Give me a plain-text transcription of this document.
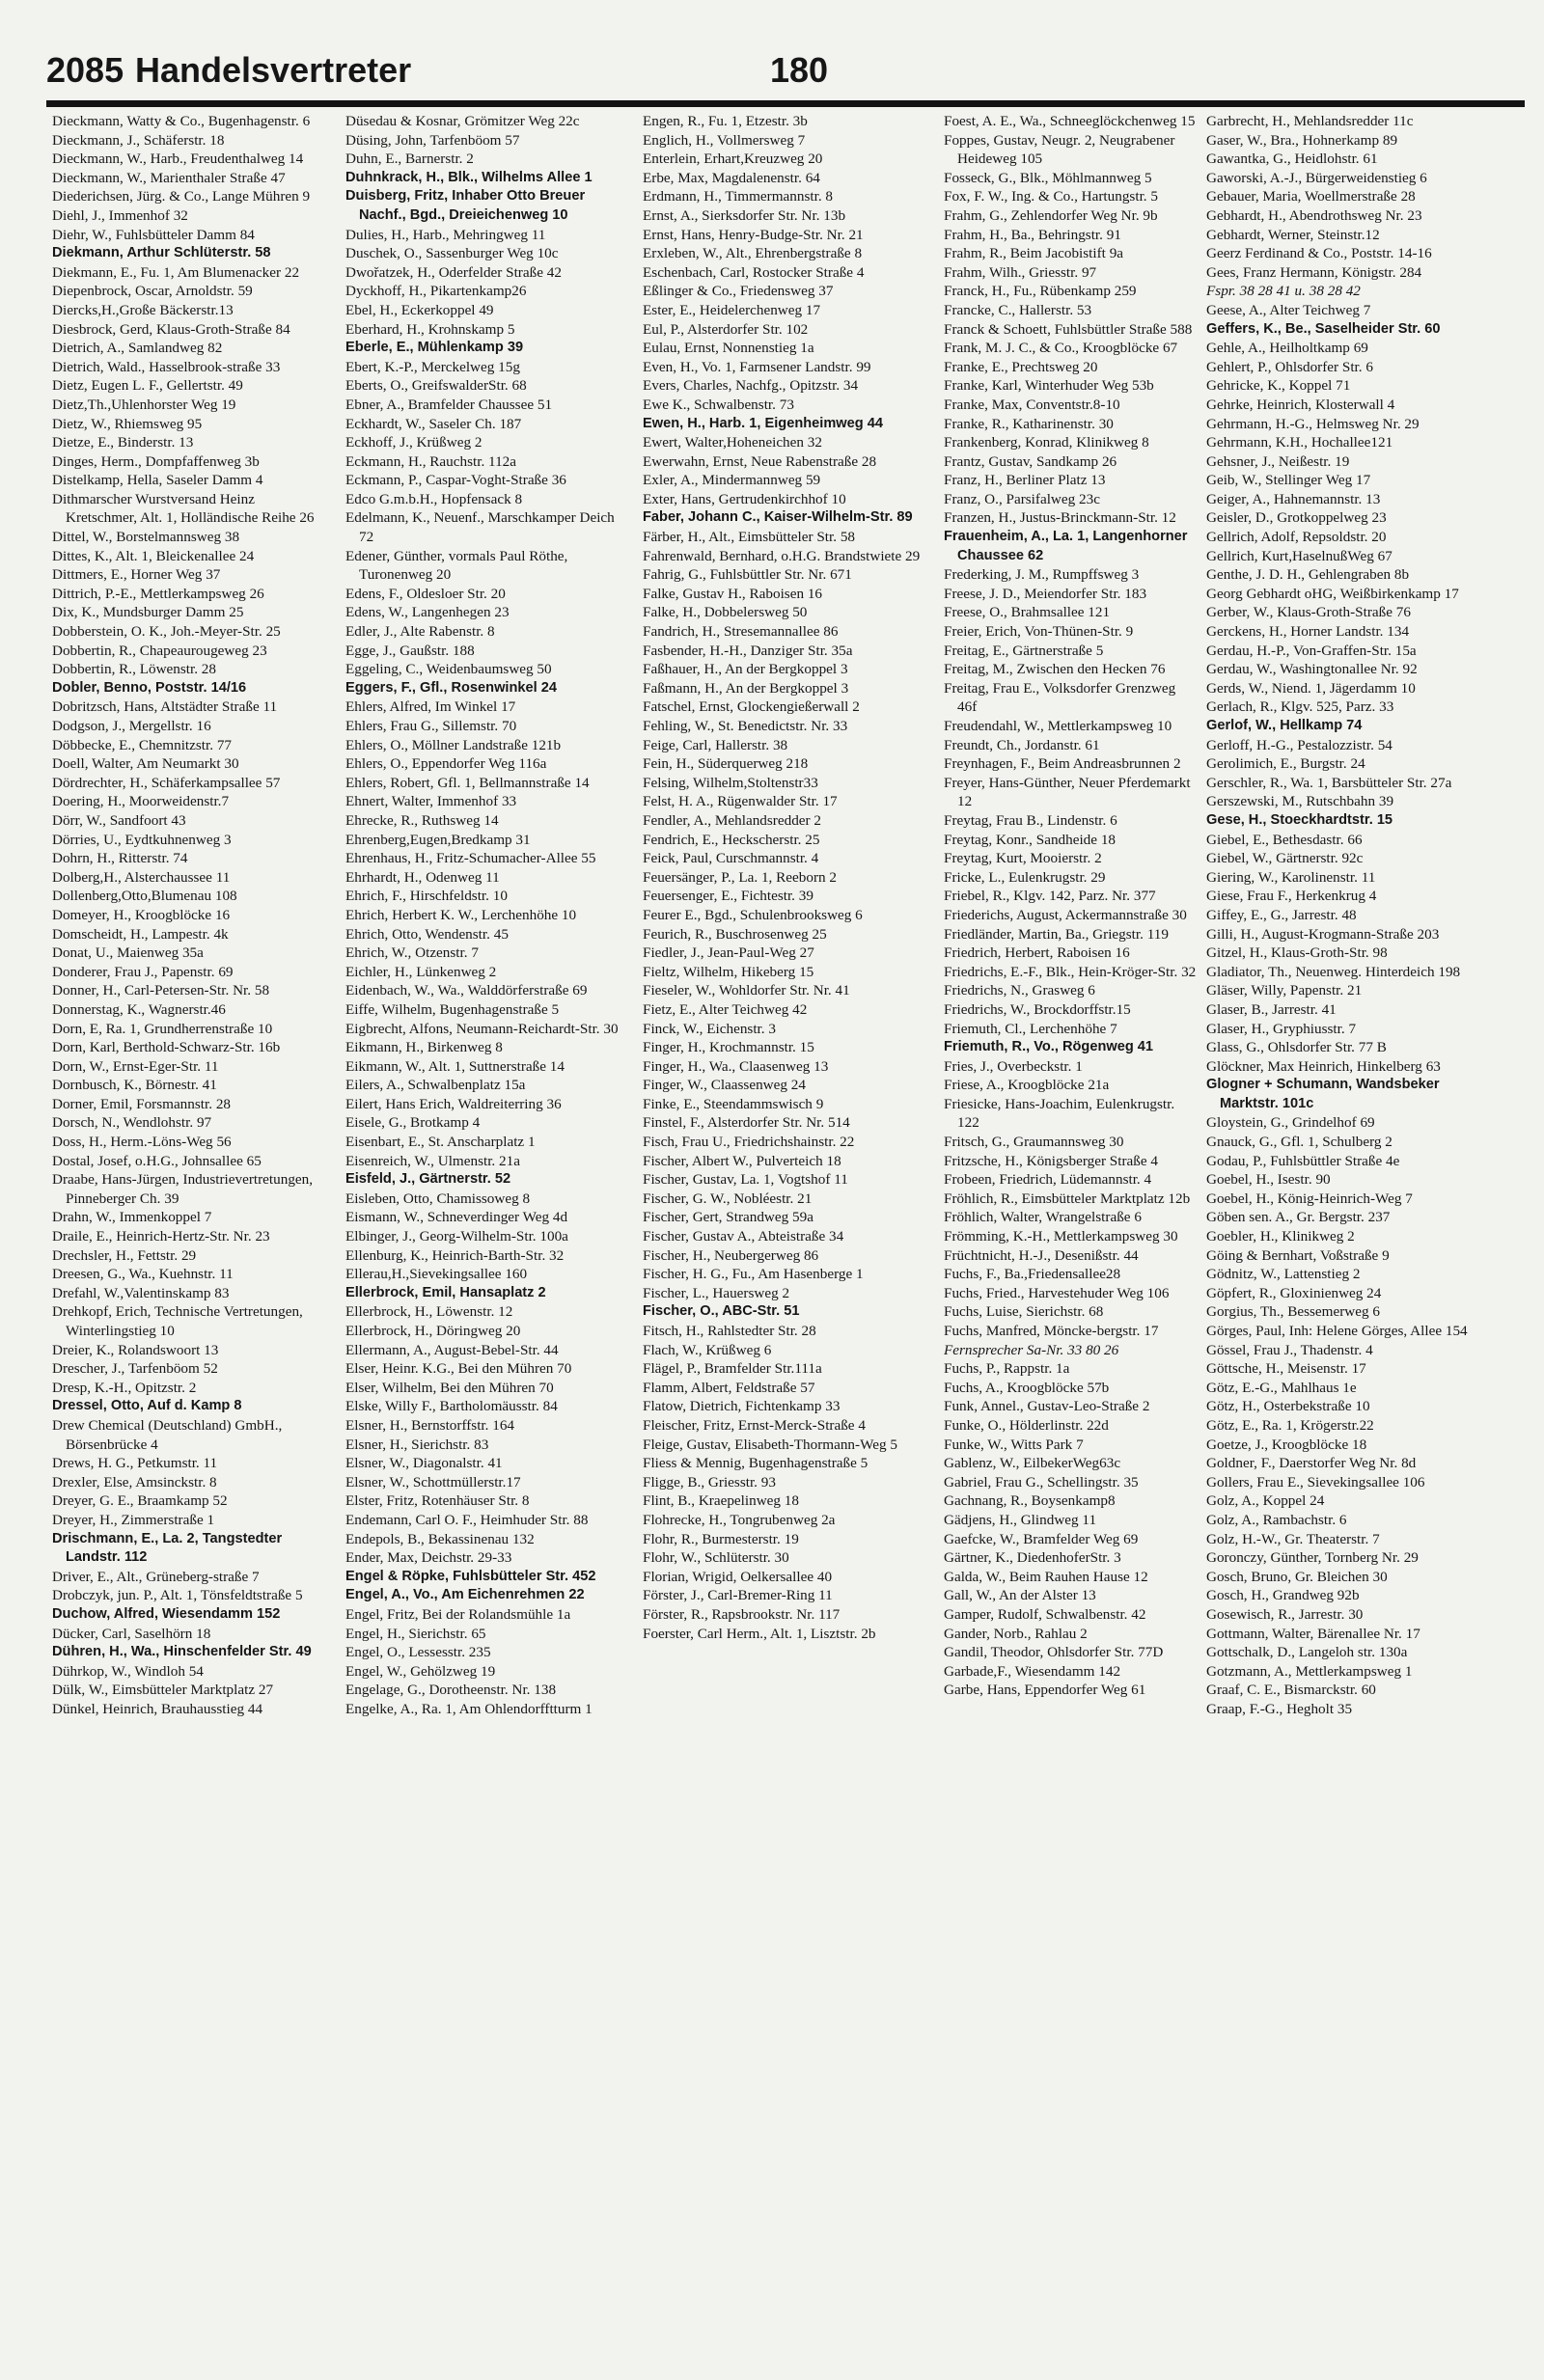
2085 Handelsvertreter	180

Dieckmann, Watty & Co., Bugenhagenstr. 6

Dieckmann, J., Schäferstr. 18

Dieckmann, W., Harb., Freudenthalweg 14

Dieckmann, W., Marienthaler Straße 47

Diederichsen, Jürg. & Co., Lange Mühren 9

Diehl, J., Immenhof 32

Diehr, W., Fuhlsbütteler Damm 84

Diekmann, Arthur Schlüterstr. 58

Diekmann, E., Fu. 1, Am Blumenacker 22

Diepenbrock, Oscar, Arnoldstr. 59

Diercks,H.,Große Bäckerstr.13

Diesbrock, Gerd, Klaus-Groth-Straße 84

Dietrich, A., Samlandweg 82

Dietrich, Wald., Hasselbrook-straße 33

Dietz, Eugen L. F., Gellertstr. 49

Dietz,Th.,Uhlenhorster Weg 19

Dietz, W., Rhiemsweg 95

Dietze, E., Binderstr. 13

Dinges, Herm., Dompfaffenweg 3b

Distelkamp, Hella, Saseler Damm 4

Dithmarscher Wurstversand Heinz Kretschmer, Alt. 1, Holländische Reihe 26

Dittel, W., Borstelmannsweg 38

Dittes, K., Alt. 1, Bleickenallee 24

Dittmers, E., Horner Weg 37

Dittrich, P.-E., Mettlerkampsweg 26

Dix, K., Mundsburger Damm 25

Dobberstein, O. K., Joh.-Meyer-Str. 25

Dobbertin, R., Chapeaurougeweg 23

Dobbertin, R., Löwenstr. 28

Dobler, Benno, Poststr. 14/16

Dobritzsch, Hans, Altstädter Straße 11

Dodgson, J., Mergellstr. 16

Döbbecke, E., Chemnitzstr. 77

Doell, Walter, Am Neumarkt 30

Dördrechter, H., Schäferkampsallee 57

Doering, H., Moorweidenstr.7

Dörr, W., Sandfoort 43

Dörries, U., Eydtkuhnenweg 3

Dohrn, H., Ritterstr. 74

Dolberg,H., Alsterchaussee 11

Dollenberg,Otto,Blumenau 108

Domeyer, H., Kroogblöcke 16

Domscheidt, H., Lampestr. 4k

Donat, U., Maienweg 35a

Donderer, Frau J., Papenstr. 69

Donner, H., Carl-Petersen-Str. Nr. 58

Donnerstag, K., Wagnerstr.46

Dorn, E, Ra. 1, Grundherrenstraße 10

Dorn, Karl, Berthold-Schwarz-Str. 16b

Dorn, W., Ernst-Eger-Str. 11

Dornbusch, K., Börnestr. 41

Dorner, Emil, Forsmannstr. 28

Dorsch, N., Wendlohstr. 97

Doss, H., Herm.-Löns-Weg 56

Dostal, Josef, o.H.G., Johnsallee 65

Draabe, Hans-Jürgen, Industrievertretungen, Pinneberger Ch. 39

Drahn, W., Immenkoppel 7

Draile, E., Heinrich-Hertz-Str. Nr. 23

Drechsler, H., Fettstr. 29

Dreesen, G., Wa., Kuehnstr. 11

Drefahl, W.,Valentinskamp 83

Drehkopf, Erich, Technische Vertretungen, Winterlingstieg 10

Dreier, K., Rolandswoort 13

Drescher, J., Tarfenböom 52

Dresp, K.-H., Opitzstr. 2

Dressel, Otto, Auf d. Kamp 8

Drew Chemical (Deutschland) GmbH., Börsenbrücke 4

Drews, H. G., Petkumstr. 11

Drexler, Else, Amsinckstr. 8

Dreyer, G. E., Braamkamp 52

Dreyer, H., Zimmerstraße 1

Drischmann, E., La. 2, Tangstedter Landstr. 112

Driver, E., Alt., Grüneberg-straße 7

Drobczyk, jun. P., Alt. 1, Tönsfeldtstraße 5

Duchow, Alfred, Wiesendamm 152

Dücker, Carl, Saselhörn 18

Dühren, H., Wa., Hinschenfelder Str. 49

Dührkop, W., Windloh 54

Dülk, W., Eimsbütteler Marktplatz 27

Dünkel, Heinrich, Brauhausstieg 44

Düsedau & Kosnar, Grömitzer Weg 22c

Düsing, John, Tarfenböom 57

Duhn, E., Barnerstr. 2

Duhnkrack, H., Blk., Wilhelms Allee 1

Duisberg, Fritz, Inhaber Otto Breuer Nachf., Bgd., Dreieichenweg 10

Dulies, H., Harb., Mehringweg 11

Duschek, O., Sassenburger Weg 10c

Dwořatzek, H., Oderfelder Straße 42

Dyckhoff, H., Pikartenkamp26

Ebel, H., Eckerkoppel 49

Eberhard, H., Krohnskamp 5

Eberle, E., Mühlenkamp 39

Ebert, K.-P., Merckelweg 15g

Eberts, O., GreifswalderStr. 68

Ebner, A., Bramfelder Chaussee 51

Eckhardt, W., Saseler Ch. 187

Eckhoff, J., Krüßweg 2

Eckmann, H., Rauchstr. 112a

Eckmann, P., Caspar-Voght-Straße 36

Edco G.m.b.H., Hopfensack 8

Edelmann, K., Neuenf., Marschkamper Deich 72

Edener, Günther, vormals Paul Röthe, Turonenweg 20

Edens, F., Oldesloer Str. 20

Edens, W., Langenhegen 23

Edler, J., Alte Rabenstr. 8

Egge, J., Gaußstr. 188

Eggeling, C., Weidenbaumsweg 50

Eggers, F., Gfl., Rosenwinkel 24

Ehlers, Alfred, Im Winkel 17

Ehlers, Frau G., Sillemstr. 70

Ehlers, O., Möllner Landstraße 121b

Ehlers, O., Eppendorfer Weg 116a

Ehlers, Robert, Gfl. 1, Bellmannstraße 14

Ehnert, Walter, Immenhof 33

Ehrecke, R., Ruthsweg 14

Ehrenberg,Eugen,Bredkamp 31

Ehrenhaus, H., Fritz-Schumacher-Allee 55

Ehrhardt, H., Odenweg 11

Ehrich, F., Hirschfeldstr. 10

Ehrich, Herbert K. W., Lerchenhöhe 10

Ehrich, Otto, Wendenstr. 45

Ehrich, W., Otzenstr. 7

Eichler, H., Lünkenweg 2

Eidenbach, W., Wa., Walddörferstraße 69

Eiffe, Wilhelm, Bugenhagenstraße 5

Eigbrecht, Alfons, Neumann-Reichardt-Str. 30

Eikmann, H., Birkenweg 8

Eikmann, W., Alt. 1, Suttnerstraße 14

Eilers, A., Schwalbenplatz 15a

Eilert, Hans Erich, Waldreiterring 36

Eisele, G., Brotkamp 4

Eisenbart, E., St. Anscharplatz 1

Eisenreich, W., Ulmenstr. 21a

Eisfeld, J., Gärtnerstr. 52

Eisleben, Otto, Chamissoweg 8

Eismann, W., Schneverdinger Weg 4d

Elbinger, J., Georg-Wilhelm-Str. 100a

Ellenburg, K., Heinrich-Barth-Str. 32

Ellerau,H.,Sievekingsallee 160

Ellerbrock, Emil, Hansaplatz 2

Ellerbrock, H., Löwenstr. 12

Ellerbrock, H., Döringweg 20

Ellermann, A., August-Bebel-Str. 44

Elser, Heinr. K.G., Bei den Mühren 70

Elser, Wilhelm, Bei den Mühren 70

Elske, Willy F., Bartholomäusstr. 84

Elsner, H., Bernstorffstr. 164

Elsner, H., Sierichstr. 83

Elsner, W., Diagonalstr. 41

Elsner, W., Schottmüllerstr.17

Elster, Fritz, Rotenhäuser Str. 8

Endemann, Carl O. F., Heimhuder Str. 88

Endepols, B., Bekassinenau 132

Ender, Max, Deichstr. 29-33

Engel & Röpke, Fuhlsbütteler Str. 452

Engel, A., Vo., Am Eichenrehmen 22

Engel, Fritz, Bei der Rolandsmühle 1a

Engel, H., Sierichstr. 65

Engel, O., Lessesstr. 235

Engel, W., Gehölzweg 19

Engelage, G., Dorotheenstr. Nr. 138

Engelke, A., Ra. 1, Am Ohlendorfftturm 1

Engen, R., Fu. 1, Etzestr. 3b

Englich, H., Vollmersweg 7

Enterlein, Erhart,Kreuzweg 20

Erbe, Max, Magdalenenstr. 64

Erdmann, H., Timmermannstr. 8

Ernst, A., Sierksdorfer Str. Nr. 13b

Ernst, Hans, Henry-Budge-Str. Nr. 21

Erxleben, W., Alt., Ehrenbergstraße 8

Eschenbach, Carl, Rostocker Straße 4

Eßlinger & Co., Friedensweg 37

Ester, E., Heidelerchenweg 17

Eul, P., Alsterdorfer Str. 102

Eulau, Ernst, Nonnenstieg 1a

Even, H., Vo. 1, Farmsener Landstr. 99

Evers, Charles, Nachfg., Opitzstr. 34

Ewe K., Schwalbenstr. 73

Ewen, H., Harb. 1, Eigenheimweg 44

Ewert, Walter,Hoheneichen 32

Ewerwahn, Ernst, Neue Rabenstraße 28

Exler, A., Mindermannweg 59

Exter, Hans, Gertrudenkirchhof 10

Faber, Johann C., Kaiser-Wilhelm-Str. 89

Färber, H., Alt., Eimsbütteler Str. 58

Fahrenwald, Bernhard, o.H.G. Brandstwiete 29

Fahrig, G., Fuhlsbüttler Str. Nr. 671

Falke, Gustav H., Raboisen 16

Falke, H., Dobbelersweg 50

Fandrich, H., Stresemannallee 86

Fasbender, H.-H., Danziger Str. 35a

Faßhauer, H., An der Bergkoppel 3

Faßmann, H., An der Bergkoppel 3

Fatschel, Ernst, Glockengießerwall 2

Fehling, W., St. Benedictstr. Nr. 33

Feige, Carl, Hallerstr. 38

Fein, H., Süderquerweg 218

Felsing, Wilhelm,Stoltenstr33

Felst, H. A., Rügenwalder Str. 17

Fendler, A., Mehlandsredder 2

Fendrich, E., Heckscherstr. 25

Feick, Paul, Curschmannstr. 4

Feuersänger, P., La. 1, Reeborn 2

Feuersenger, E., Fichtestr. 39

Feurer E., Bgd., Schulenbrooksweg 6

Feurich, R., Buschrosenweg 25

Fiedler, J., Jean-Paul-Weg 27

Fieltz, Wilhelm, Hikeberg 15

Fieseler, W., Wohldorfer Str. Nr. 41

Fietz, E., Alter Teichweg 42

Finck, W., Eichenstr. 3

Finger, H., Krochmannstr. 15

Finger, H., Wa., Claasenweg 13

Finger, W., Claassenweg 24

Finke, E., Steendammswisch 9

Finstel, F., Alsterdorfer Str. Nr. 514

Fisch, Frau U., Friedrichshainstr. 22

Fischer, Albert W., Pulverteich 18

Fischer, Gustav, La. 1, Vogtshof 11

Fischer, G. W., Nobléestr. 21

Fischer, Gert, Strandweg 59a

Fischer, Gustav A., Abteistraße 34

Fischer, H., Neubergerweg 86

Fischer, H. G., Fu., Am Hasenberge 1

Fischer, L., Hauersweg 2

Fischer, O., ABC-Str. 51

Fitsch, H., Rahlstedter Str. 28

Flach, W., Krüßweg 6

Flägel, P., Bramfelder Str.111a

Flamm, Albert, Feldstraße 57

Flatow, Dietrich, Fichtenkamp 33

Fleischer, Fritz, Ernst-Merck-Straße 4

Fleige, Gustav, Elisabeth-Thormann-Weg 5

Fliess & Mennig, Bugenhagenstraße 5

Fligge, B., Griesstr. 93

Flint, B., Kraepelinweg 18

Flohrecke, H., Tongrubenweg 2a

Flohr, R., Burmesterstr. 19

Flohr, W., Schlüterstr. 30

Florian, Wrigid, Oelkersallee 40

Förster, J., Carl-Bremer-Ring 11

Förster, R., Rapsbrookstr. Nr. 117

Foerster, Carl Herm., Alt. 1, Lisztstr. 2b

Foest, A. E., Wa., Schneeglöckchenweg 15

Foppes, Gustav, Neugr. 2, Neugrabener Heideweg 105

Fosseck, G., Blk., Möhlmannweg 5

Fox, F. W., Ing. & Co., Hartungstr. 5

Frahm, G., Zehlendorfer Weg Nr. 9b

Frahm, H., Ba., Behringstr. 91

Frahm, R., Beim Jacobistift 9a

Frahm, Wilh., Griesstr. 97

Franck, H., Fu., Rübenkamp 259

Francke, C., Hallerstr. 53

Franck & Schoett, Fuhlsbüttler Straße 588

Frank, M. J. C., & Co., Kroogblöcke 67

Franke, E., Prechtsweg 20

Franke, Karl, Winterhuder Weg 53b

Franke, Max, Conventstr.8-10

Franke, R., Katharinenstr. 30

Frankenberg, Konrad, Klinikweg 8

Frantz, Gustav, Sandkamp 26

Franz, H., Berliner Platz 13

Franz, O., Parsifalweg 23c

Franzen, H., Justus-Brinckmann-Str. 12

Frauenheim, A., La. 1, Langenhorner Chaussee 62

Frederking, J. M., Rumpffsweg 3

Freese, J. D., Meiendorfer Str. 183

Freese, O., Brahmsallee 121

Freier, Erich, Von-Thünen-Str. 9

Freitag, E., Gärtnerstraße 5

Freitag, M., Zwischen den Hecken 76

Freitag, Frau E., Volksdorfer Grenzweg 46f

Freudendahl, W., Mettlerkampsweg 10

Freundt, Ch., Jordanstr. 61

Freynhagen, F., Beim Andreasbrunnen 2

Freyer, Hans-Günther, Neuer Pferdemarkt 12

Freytag, Frau B., Lindenstr. 6

Freytag, Konr., Sandheide 18

Freytag, Kurt, Mooierstr. 2

Fricke, L., Eulenkrugstr. 29

Friebel, R., Klgv. 142, Parz. Nr. 377

Friederichs, August, Ackermannstraße 30

Friedländer, Martin, Ba., Griegstr. 119

Friedrich, Herbert, Raboisen 16

Friedrichs, E.-F., Blk., Hein-Kröger-Str. 32

Friedrichs, N., Grasweg 6

Friedrichs, W., Brockdorffstr.15

Friemuth, Cl., Lerchenhöhe 7

Friemuth, R., Vo., Rögenweg 41

Fries, J., Overbeckstr. 1

Friese, A., Kroogblöcke 21a

Friesicke, Hans-Joachim, Eulenkrugstr. 122

Fritsch, G., Graumannsweg 30

Fritzsche, H., Königsberger Straße 4

Frobeen, Friedrich, Lüdemannstr. 4

Fröhlich, R., Eimsbütteler Marktplatz 12b

Fröhlich, Walter, Wrangelstraße 6

Frömming, K.-H., Mettlerkampsweg 30

Früchtnicht, H.-J., Desenißstr. 44

Fuchs, F., Ba.,Friedensallee28

Fuchs, Fried., Harvestehuder Weg 106

Fuchs, Luise, Sierichstr. 68

Fuchs, Manfred, Möncke-bergstr. 17

Fernsprecher Sa-Nr. 33 80 26

Fuchs, P., Rappstr. 1a

Fuchs, A., Kroogblöcke 57b

Funk, Annel., Gustav-Leo-Straße 2

Funke, O., Hölderlinstr. 22d

Funke, W., Witts Park 7

Gablenz, W., EilbekerWeg63c

Gabriel, Frau G., Schellingstr. 35

Gachnang, R., Boysenkamp8

Gädjens, H., Glindweg 11

Gaefcke, W., Bramfelder Weg 69

Gärtner, K., DiedenhoferStr. 3

Galda, W., Beim Rauhen Hause 12

Gall, W., An der Alster 13

Gamper, Rudolf, Schwalbenstr. 42

Gander, Norb., Rahlau 2

Gandil, Theodor, Ohlsdorfer Str. 77D

Garbade,F., Wiesendamm 142

Garbe, Hans, Eppendorfer Weg 61

Garbrecht, H., Mehlandsredder 11c

Gaser, W., Bra., Hohnerkamp 89

Gawantka, G., Heidlohstr. 61

Gaworski, A.-J., Bürgerweidenstieg 6

Gebauer, Maria, Woellmerstraße 28

Gebhardt, H., Abendrothsweg Nr. 23

Gebhardt, Werner, Steinstr.12

Geerz Ferdinand & Co., Poststr. 14-16

Gees, Franz Hermann, Königstr. 284

Fspr. 38 28 41 u. 38 28 42

Geese, A., Alter Teichweg 7

Geffers, K., Be., Saselheider Str. 60

Gehle, A., Heilholtkamp 69

Gehlert, P., Ohlsdorfer Str. 6

Gehricke, K., Koppel 71

Gehrke, Heinrich, Klosterwall 4

Gehrmann, H.-G., Helmsweg Nr. 29

Gehrmann, K.H., Hochallee121

Gehsner, J., Neißestr. 19

Geib, W., Stellinger Weg 17

Geiger, A., Hahnemannstr. 13

Geisler, D., Grotkoppelweg 23

Gellrich, Adolf, Repsoldstr. 20

Gellrich, Kurt,HaselnußWeg 67

Genthe, J. D. H., Gehlengraben 8b

Georg Gebhardt oHG, Weißbirkenkamp 17

Gerber, W., Klaus-Groth-Straße 76

Gerckens, H., Horner Landstr. 134

Gerdau, H.-P., Von-Graffen-Str. 15a

Gerdau, W., Washingtonallee Nr. 92

Gerds, W., Niend. 1, Jägerdamm 10

Gerlach, R., Klgv. 525, Parz. 33

Gerlof, W., Hellkamp 74

Gerloff, H.-G., Pestalozzistr. 54

Gerolimich, E., Burgstr. 24

Gerschler, R., Wa. 1, Barsbütteler Str. 27a

Gerszewski, M., Rutschbahn 39

Gese, H., Stoeckhardtstr. 15

Giebel, E., Bethesdastr. 66

Giebel, W., Gärtnerstr. 92c

Giering, W., Karolinenstr. 11

Giese, Frau F., Herkenkrug 4

Giffey, E., G., Jarrestr. 48

Gilli, H., August-Krogmann-Straße 203

Gitzel, H., Klaus-Groth-Str. 98

Gladiator, Th., Neuenweg. Hinterdeich 198

Gläser, Willy, Papenstr. 21

Glaser, B., Jarrestr. 41

Glaser, H., Gryphiusstr. 7

Glass, G., Ohlsdorfer Str. 77 B

Glöckner, Max Heinrich, Hinkelberg 63

Glogner + Schumann, Wandsbeker Marktstr. 101c

Gloystein, G., Grindelhof 69

Gnauck, G., Gfl. 1, Schulberg 2

Godau, P., Fuhlsbüttler Straße 4e

Goebel, H., Isestr. 90

Goebel, H., König-Heinrich-Weg 7

Göben sen. A., Gr. Bergstr. 237

Goebler, H., Klinikweg 2

Göing & Bernhart, Voßstraße 9

Gödnitz, W., Lattenstieg 2

Göpfert, R., Gloxinienweg 24

Gorgius, Th., Bessemerweg 6

Görges, Paul, Inh: Helene Görges, Allee 154

Gössel, Frau J., Thadenstr. 4

Göttsche, H., Meisenstr. 17

Götz, E.-G., Mahlhaus 1e

Götz, H., Osterbekstraße 10

Götz, E., Ra. 1, Krögerstr.22

Goetze, J., Kroogblöcke 18

Goldner, F., Daerstorfer Weg Nr. 8d

Gollers, Frau E., Sievekingsallee 106

Golz, A., Koppel 24

Golz, A., Rambachstr. 6

Golz, H.-W., Gr. Theaterstr. 7

Goronczy, Günther, Tornberg Nr. 29

Gosch, Bruno, Gr. Bleichen 30

Gosch, H., Grandweg 92b

Gosewisch, R., Jarrestr. 30

Gottmann, Walter, Bärenallee Nr. 17

Gottschalk, D., Langeloh str. 130a

Gotzmann, A., Mettlerkampsweg 1

Graaf, C. E., Bismarckstr. 60

Graap, F.-G., Hegholt 35
